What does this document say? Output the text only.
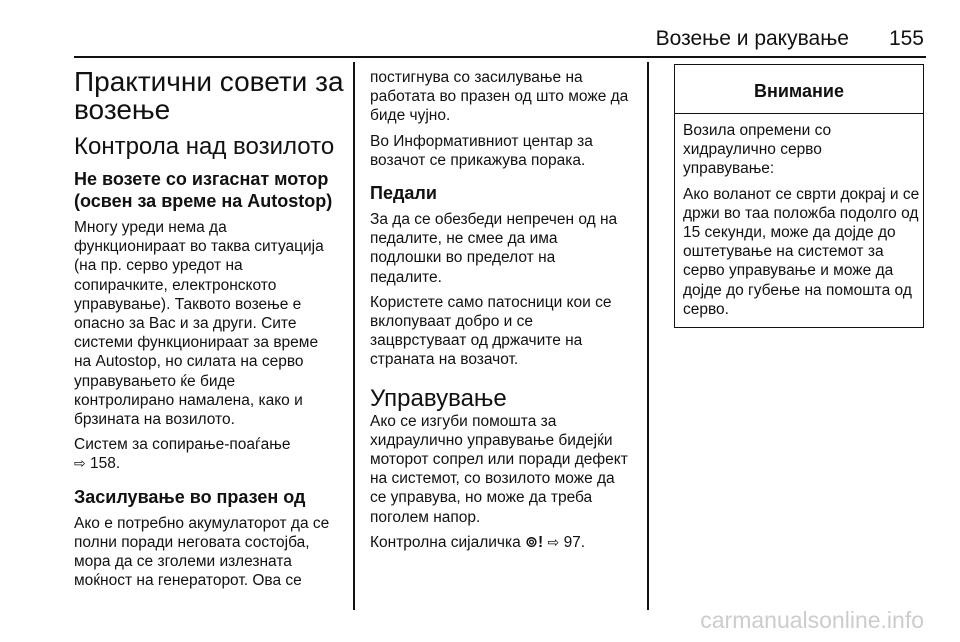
Возење и ракување 155
Практични совети за
возење
Контрола над возилото
Не возете со изгаснат мотор
(освен за време на Autostop)

Многу уреди нема да
функционираат во таква ситуација
(на пр. серво уредот на
сопирачките, електронското
управување). Таквото возење е
опасно за Вас и за други. Сите
системи функционираат за време
на Autostop, но силата на серво
управувањето ќе биде
контролирано намалена, како и
брзината на возилото.

Систем за сопирање-поаѓање
⇨ 158.

Засилување во празен од

Ако е потребно акумулаторот да се
полни поради неговата состојба,
мора да се зголеми излезната
моќност на генераторот. Ова се

постигнува со засилување на
работата во празен од што може да
биде чујно.

Во Информативниот центар за
возачот се прикажува порака.

Педали

За да се обезбеди непречен од на
педалите, не смее да има
подлошки во пределот на
педалите.

Користете само патосници кои се
вклопуваат добро и се
зацврстуваат од држачите на
страната на возачот.

Управување

Ако се изгуби помошта за
хидраулично управување бидејќи
моторот сопрел или поради дефект
на системот, со возилото може да
се управува, но може да треба
поголем напор.

Контролна сијаличка ⊚! ⇨ 97.

Внимание

Возила опремени со
хидраулично серво
управување:

Ако воланот се сврти докрај и се
држи во таа положба подолго од
15 секунди, може да дојде до
оштетување на системот за
серво управување и може да
дојде до губење на помошта од
серво.

carmanualsonline.info
